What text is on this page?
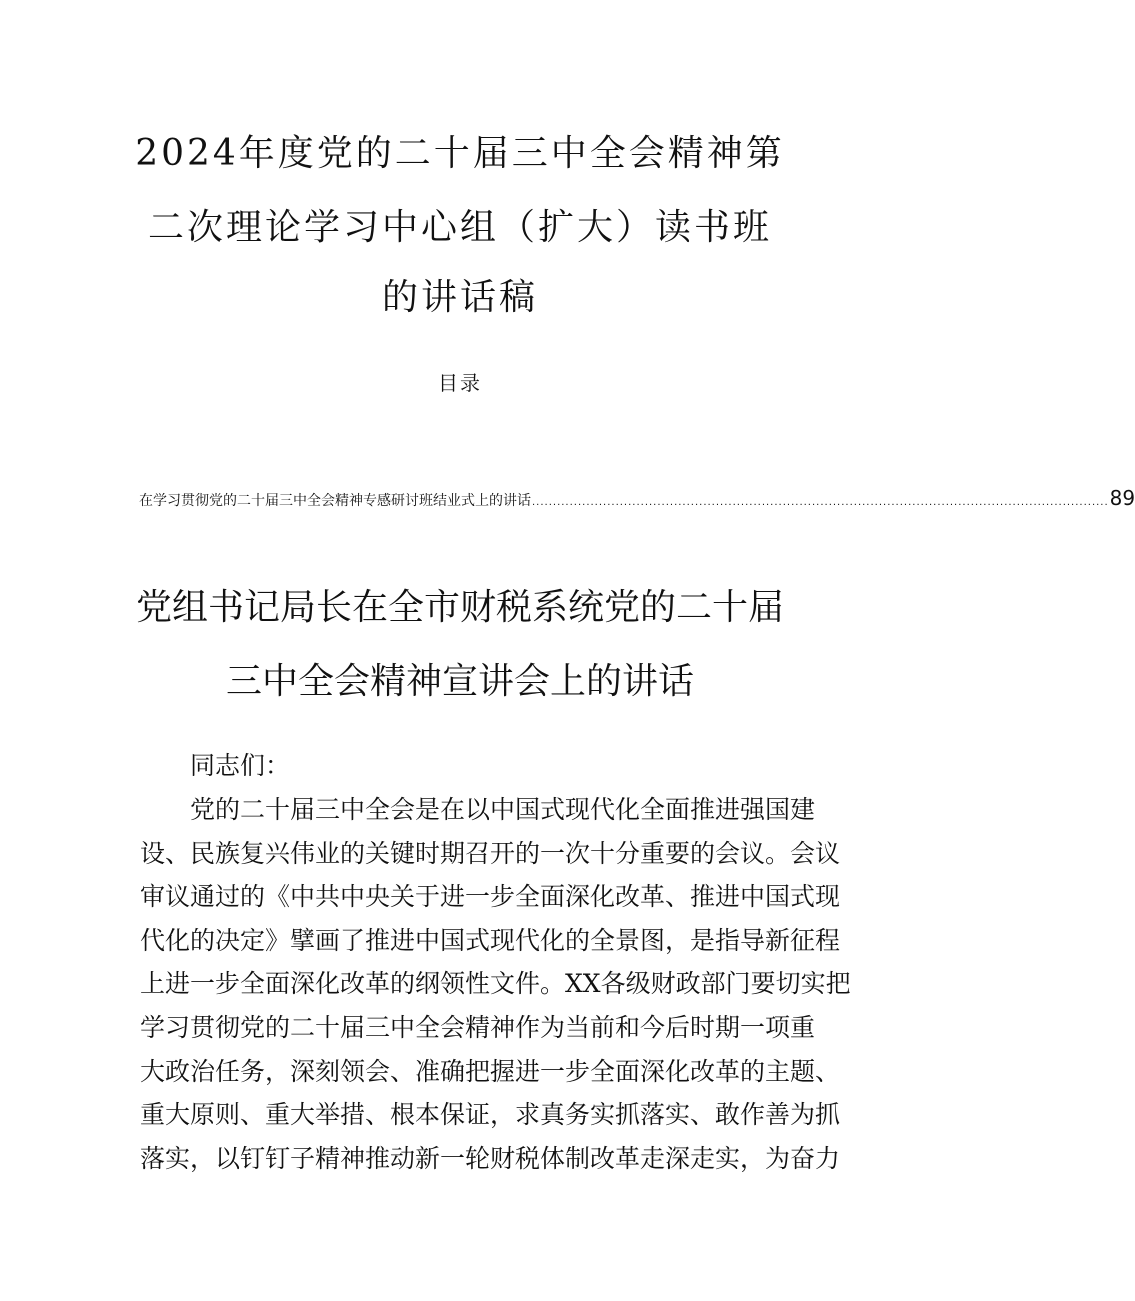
2024年度党的二十届三中全会精神第
二次理论学习中心组（扩大）读书班
的讲话稿
目录
在学习贯彻党的二十届三中全会精神专感研讨班结业式上的讲话 .......................................................................................................................................... 89
党组书记局长在全市财税系统党的二十届
三中全会精神宣讲会上的讲话
同志们：
党的二十届三中全会是在以中国式现代化全面推进强国建
设、民族复兴伟业的关键时期召开的一次十分重要的会议。会议
审议通过的《中共中央关于进一步全面深化改革、推进中国式现
代化的决定》擘画了推进中国式现代化的全景图，是指导新征程
上进一步全面深化改革的纲领性文件。XX各级财政部门要切实把
学习贯彻党的二十届三中全会精神作为当前和今后时期一项重
大政治任务，深刻领会、准确把握进一步全面深化改革的主题、
重大原则、重大举措、根本保证，求真务实抓落实、敢作善为抓
落实，以钉钉子精神推动新一轮财税体制改革走深走实，为奋力
